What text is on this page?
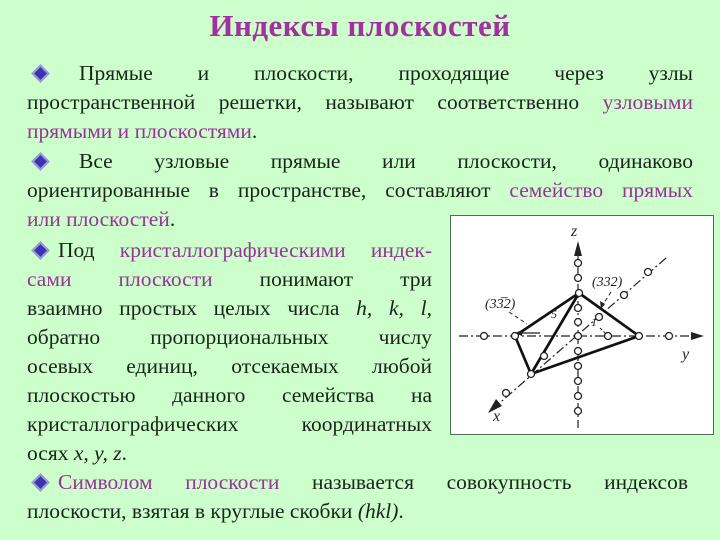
Индексы плоскостей
Прямые и плоскости, проходящие через узлы
пространственной решетки, называют соответственно узловыми
прямыми и плоскостями.
Все узловые прямые или плоскости, одинаково
ориентированные в пространстве, составляют семейство прямых
или плоскостей.
Под кристаллографическими индек-
сами плоскости понимают три
взаимно простых целых числа h, k, l,
обратно пропорциональных числу
осевых единиц, отсекаемых любой
плоскостью данного семейства на
кристаллографических координатных
осях x, y, z.
Символом плоскости называется совокупность индексов
плоскости, взятая в круглые скобки (hkl).
z
y
x
(33̅2)
(332)
5
1
